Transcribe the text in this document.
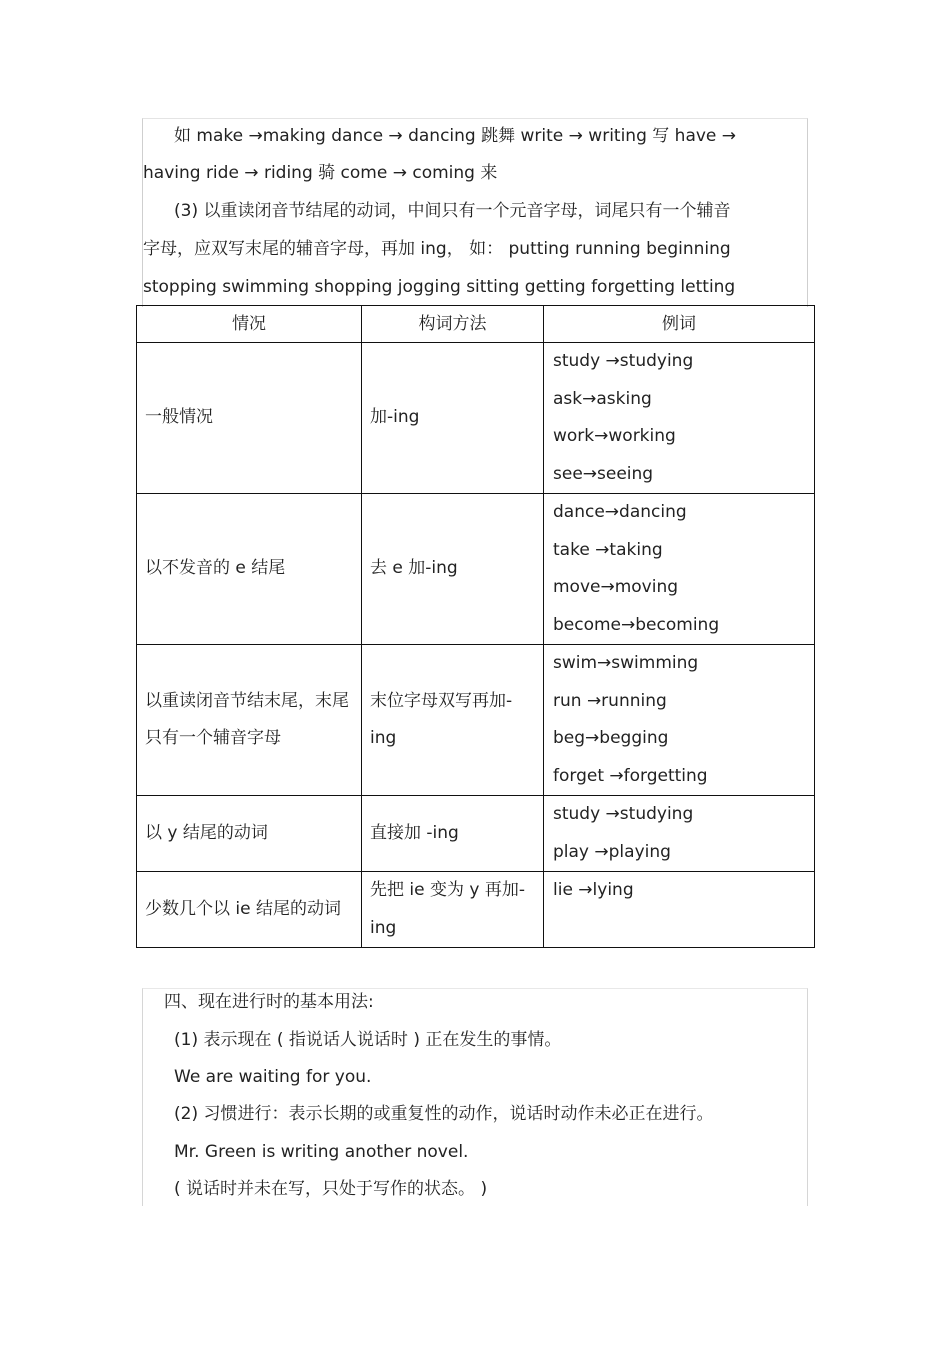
如 make →making dance → dancing 跳舞 write → writing 写 have →
having ride → riding 骑 come → coming 来
(3) 以重读闭音节结尾的动词，中间只有一个元音字母，词尾只有一个辅音
字母，应双写末尾的辅音字母，再加 ing， 如： putting running beginning
stopping swimming shopping jogging sitting getting forgetting letting
情况	构词方法	例词
一般情况	加-ing	study →studying
ask→asking
work→working
see→seeing

以不发音的 e 结尾	去 e 加-ing	dance→dancing
take →taking
move→moving
become→becoming

以重读闭音节结末尾，末尾只有一个辅音字母	末位字母双写再加-ing	swim→swimming
run →running
beg→begging
forget →forgetting

以 y 结尾的动词	直接加 -ing	study →studying
play →playing

少数几个以 ie 结尾的动词	先把 ie 变为 y 再加-ing	lie →lying
四、现在进行时的基本用法:
(1) 表示现在 ( 指说话人说话时 ) 正在发生的事情。
We are waiting for you.
(2) 习惯进行：表示长期的或重复性的动作，说话时动作未必正在进行。
Mr. Green is writing another novel.
( 说话时并未在写，只处于写作的状态。 )
